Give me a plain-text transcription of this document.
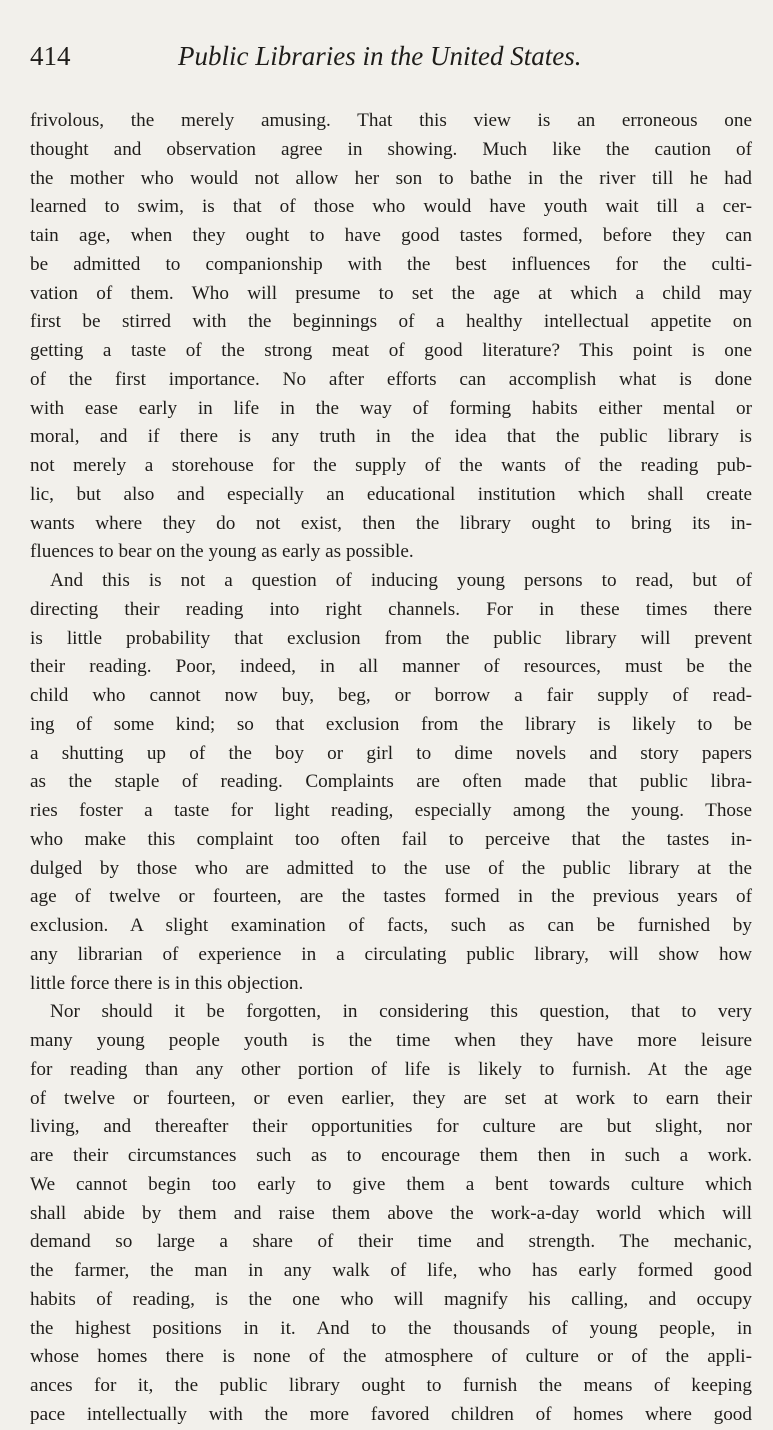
414	Public Libraries in the United States.
frivolous, the merely amusing. That this view is an erroneous one
thought and observation agree in showing. Much like the caution of
the mother who would not allow her son to bathe in the river till he had
learned to swim, is that of those who would have youth wait till a cer-
tain age, when they ought to have good tastes formed, before they can
be admitted to companionship with the best influences for the culti-
vation of them. Who will presume to set the age at which a child may
first be stirred with the beginnings of a healthy intellectual appetite on
getting a taste of the strong meat of good literature? This point is one
of the first importance. No after efforts can accomplish what is done
with ease early in life in the way of forming habits either mental or
moral, and if there is any truth in the idea that the public library is
not merely a storehouse for the supply of the wants of the reading pub-
lic, but also and especially an educational institution which shall create
wants where they do not exist, then the library ought to bring its in-
fluences to bear on the young as early as possible.
And this is not a question of inducing young persons to read, but of
directing their reading into right channels. For in these times there
is little probability that exclusion from the public library will prevent
their reading. Poor, indeed, in all manner of resources, must be the
child who cannot now buy, beg, or borrow a fair supply of read-
ing of some kind; so that exclusion from the library is likely to be
a shutting up of the boy or girl to dime novels and story papers
as the staple of reading. Complaints are often made that public libra-
ries foster a taste for light reading, especially among the young. Those
who make this complaint too often fail to perceive that the tastes in-
dulged by those who are admitted to the use of the public library at the
age of twelve or fourteen, are the tastes formed in the previous years of
exclusion. A slight examination of facts, such as can be furnished by
any librarian of experience in a circulating public library, will show how
little force there is in this objection.
Nor should it be forgotten, in considering this question, that to very
many young people youth is the time when they have more leisure
for reading than any other portion of life is likely to furnish. At the age
of twelve or fourteen, or even earlier, they are set at work to earn their
living, and thereafter their opportunities for culture are but slight, nor
are their circumstances such as to encourage them then in such a work.
We cannot begin too early to give them a bent towards culture which
shall abide by them and raise them above the work-a-day world which will
demand so large a share of their time and strength. The mechanic,
the farmer, the man in any walk of life, who has early formed good
habits of reading, is the one who will magnify his calling, and occupy
the highest positions in it. And to the thousands of young people, in
whose homes there is none of the atmosphere of culture or of the appli-
ances for it, the public library ought to furnish the means of keeping
pace intellectually with the more favored children of homes where good
